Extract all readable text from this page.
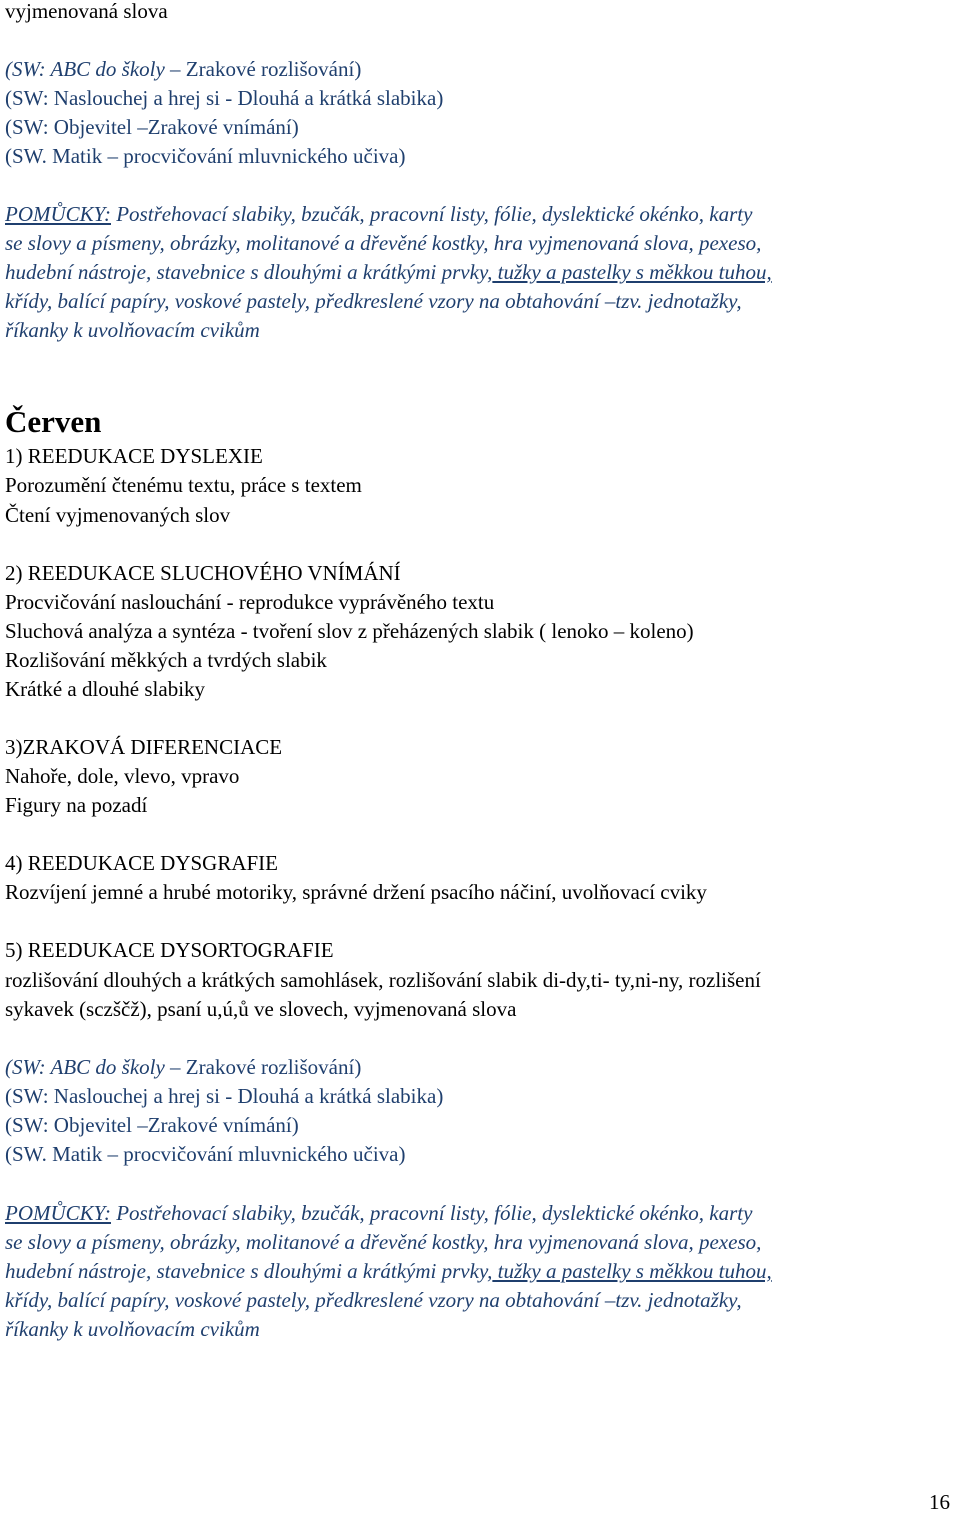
vyjmenovaná slova
(SW: ABC do školy – Zrakové rozlišování)
(SW: Naslouchej a hrej si - Dlouhá a krátká slabika)
(SW: Objevitel –Zrakové vnímání)
(SW. Matik – procvičování mluvnického učiva)
POMŮCKY: Postřehovací slabiky, bzučák, pracovní listy, fólie, dyslektické okénko, karty
se slovy a písmeny, obrázky, molitanové a dřevěné kostky, hra vyjmenovaná slova, pexeso,
hudební nástroje, stavebnice s dlouhými a krátkými prvky, tužky a pastelky s měkkou tuhou,
křídy, balící papíry, voskové pastely, předkreslené vzory na obtahování –tzv. jednotažky,
říkanky k uvolňovacím cvikům
Červen
1) REEDUKACE DYSLEXIE
Porozumění čtenému textu, práce s textem
Čtení vyjmenovaných slov
2) REEDUKACE SLUCHOVÉHO VNÍMÁNÍ
Procvičování naslouchání - reprodukce vyprávěného textu
Sluchová analýza a syntéza - tvoření slov z přeházených slabik ( lenoko – koleno)
Rozlišování měkkých a tvrdých slabik
Krátké a dlouhé slabiky
3)ZRAKOVÁ DIFERENCIACE
Nahoře, dole, vlevo, vpravo
Figury na pozadí
4) REEDUKACE DYSGRAFIE
Rozvíjení jemné a hrubé motoriky, správné držení psacího náčiní, uvolňovací cviky
5) REEDUKACE DYSORTOGRAFIE
rozlišování dlouhých a krátkých samohlásek, rozlišování slabik di-dy,ti- ty,ni-ny, rozlišení
sykavek (sczščž), psaní u,ú,ů ve slovech, vyjmenovaná slova
(SW: ABC do školy – Zrakové rozlišování)
(SW: Naslouchej a hrej si - Dlouhá a krátká slabika)
(SW: Objevitel –Zrakové vnímání)
(SW. Matik – procvičování mluvnického učiva)
POMŮCKY: Postřehovací slabiky, bzučák, pracovní listy, fólie, dyslektické okénko, karty
se slovy a písmeny, obrázky, molitanové a dřevěné kostky, hra vyjmenovaná slova, pexeso,
hudební nástroje, stavebnice s dlouhými a krátkými prvky, tužky a pastelky s měkkou tuhou,
křídy, balící papíry, voskové pastely, předkreslené vzory na obtahování –tzv. jednotažky,
říkanky k uvolňovacím cvikům
16
